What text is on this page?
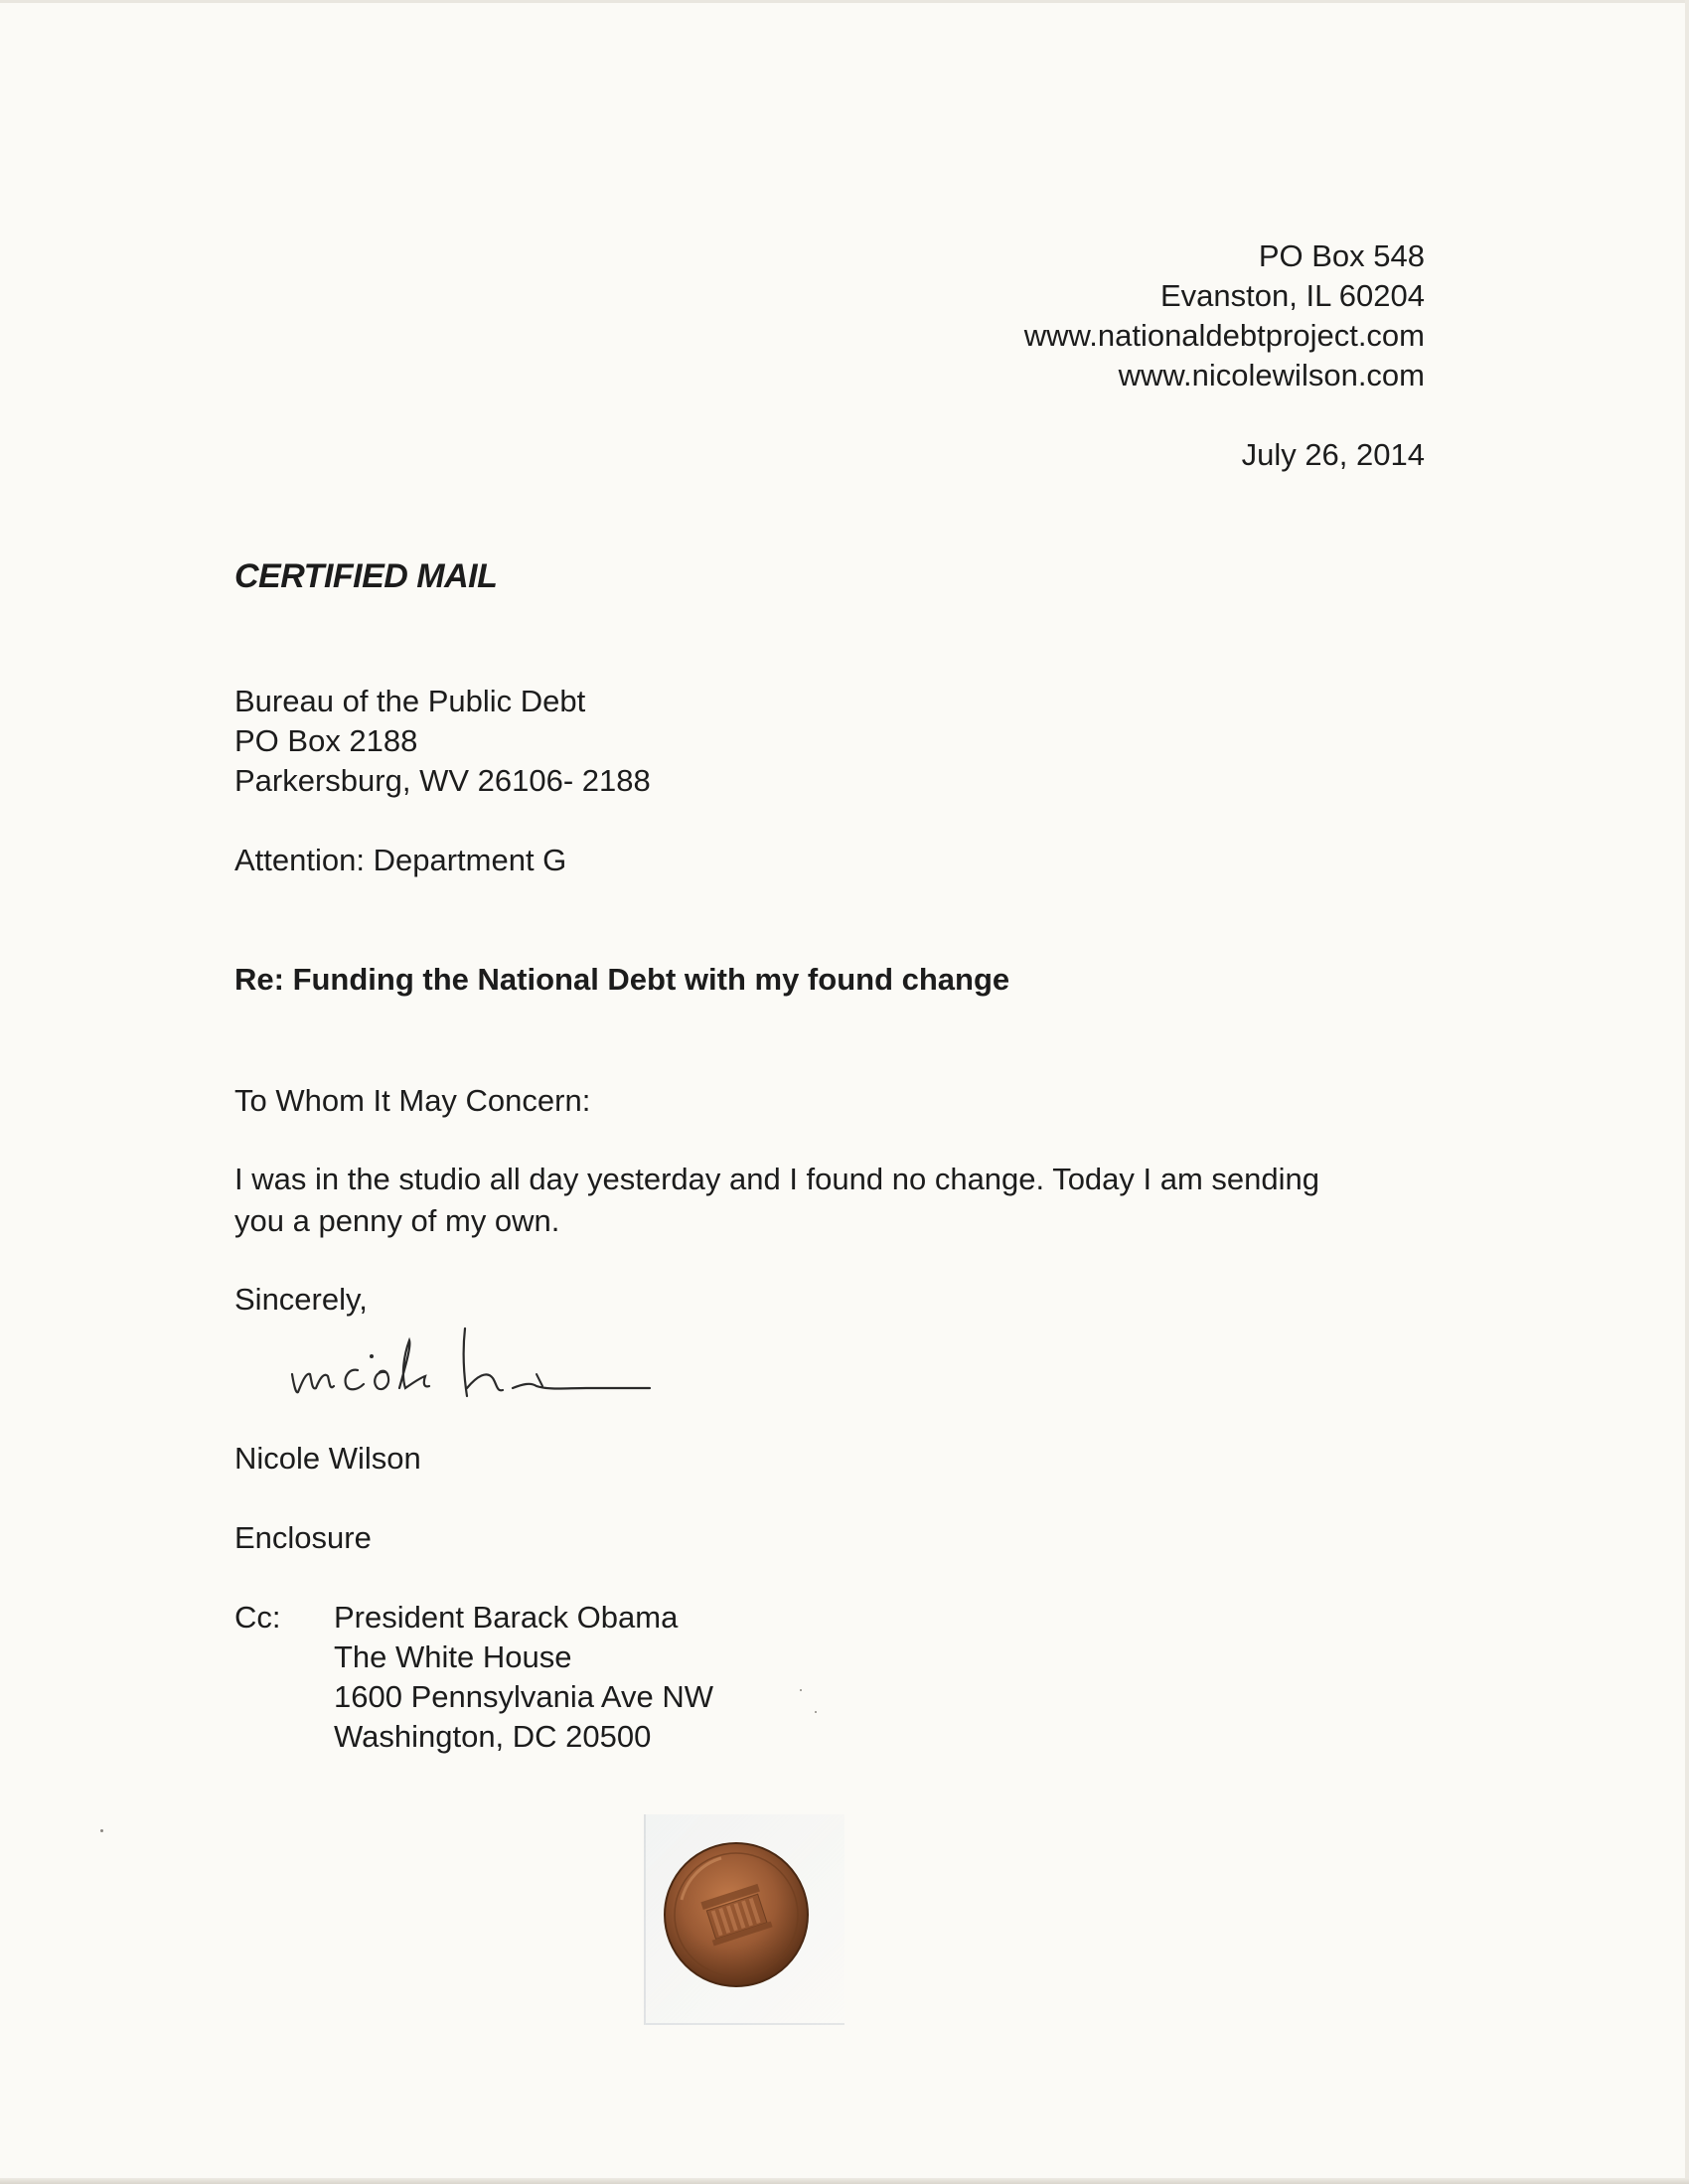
PO Box 548
Evanston, IL 60204
www.nationaldebtproject.com
www.nicolewilson.com
July 26, 2014
CERTIFIED MAIL
Bureau of the Public Debt
PO Box 2188
Parkersburg, WV 26106- 2188
Attention: Department G
Re: Funding the National Debt with my found change
To Whom It May Concern:
I was in the studio all day yesterday and I found no change. Today I am sending
you a penny of my own.
Sincerely,
Nicole Wilson
Enclosure
Cc: President Barack Obama
The White House
1600 Pennsylvania Ave NW
Washington, DC 20500
